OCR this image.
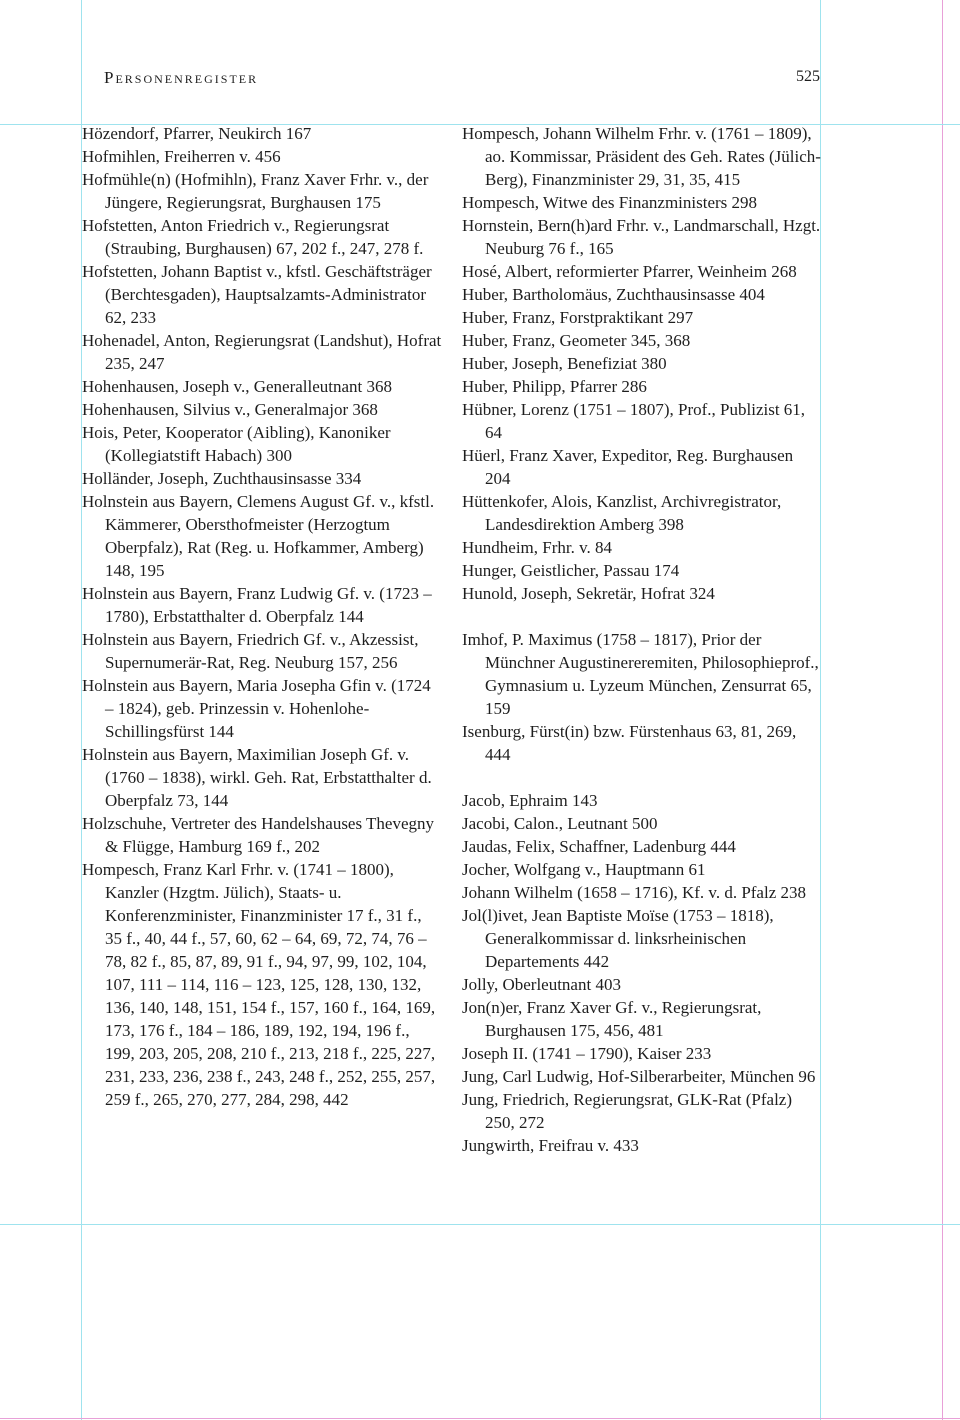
Personenregister	525

Hözendorf, Pfarrer, Neukirch 167

Hofmihlen, Freiherren v. 456

Hofmühle(n) (Hofmihln), Franz Xaver Frhr. v., der Jüngere, Regierungsrat, Burghausen 175

Hofstetten, Anton Friedrich v., Regierungsrat (Straubing, Burghausen) 67, 202 f., 247, 278 f.

Hofstetten, Johann Baptist v., kfstl. Geschäftsträger (Berchtesgaden), Hauptsalzamts-Administrator 62, 233

Hohenadel, Anton, Regierungsrat (Landshut), Hofrat 235, 247

Hohenhausen, Joseph v., Generalleutnant 368

Hohenhausen, Silvius v., Generalmajor 368

Hois, Peter, Kooperator (Aibling), Kanoniker (Kollegiatstift Habach) 300

Holländer, Joseph, Zuchthausinsasse 334

Holnstein aus Bayern, Clemens August Gf. v., kfstl. Kämmerer, Obersthofmeister (Herzogtum Oberpfalz), Rat (Reg. u. Hofkammer, Amberg) 148, 195

Holnstein aus Bayern, Franz Ludwig Gf. v. (1723 – 1780), Erbstatthalter d. Oberpfalz 144

Holnstein aus Bayern, Friedrich Gf. v., Akzessist, Supernumerär-Rat, Reg. Neuburg 157, 256

Holnstein aus Bayern, Maria Josepha Gfin v. (1724 – 1824), geb. Prinzessin v. Hohenlohe-Schillingsfürst 144

Holnstein aus Bayern, Maximilian Joseph Gf. v. (1760 – 1838), wirkl. Geh. Rat, Erbstatthalter d. Oberpfalz 73, 144

Holzschuhe, Vertreter des Handelshauses Thevegny & Flügge, Hamburg 169 f., 202

Hompesch, Franz Karl Frhr. v. (1741 – 1800), Kanzler (Hzgtm. Jülich), Staats- u. Konferenzminister, Finanzminister 17 f., 31 f., 35 f., 40, 44 f., 57, 60, 62 – 64, 69, 72, 74, 76 – 78, 82 f., 85, 87, 89, 91 f., 94, 97, 99, 102, 104, 107, 111 – 114, 116 – 123, 125, 128, 130, 132, 136, 140, 148, 151, 154 f., 157, 160 f., 164, 169, 173, 176 f., 184 – 186, 189, 192, 194, 196 f., 199, 203, 205, 208, 210 f., 213, 218 f., 225, 227, 231, 233, 236, 238 f., 243, 248 f., 252, 255, 257, 259 f., 265, 270, 277, 284, 298, 442

Hompesch, Johann Wilhelm Frhr. v. (1761 – 1809), ao. Kommissar, Präsident des Geh. Rates (Jülich-Berg), Finanzminister 29, 31, 35, 415

Hompesch, Witwe des Finanzministers 298

Hornstein, Bern(h)ard Frhr. v., Landmarschall, Hzgt. Neuburg 76 f., 165

Hosé, Albert, reformierter Pfarrer, Weinheim 268

Huber, Bartholomäus, Zuchthausinsasse 404

Huber, Franz, Forstpraktikant 297

Huber, Franz, Geometer 345, 368

Huber, Joseph, Benefiziat 380

Huber, Philipp, Pfarrer 286

Hübner, Lorenz (1751 – 1807), Prof., Publizist 61, 64

Hüerl, Franz Xaver, Expeditor, Reg. Burghausen 204

Hüttenkofer, Alois, Kanzlist, Archivregistrator, Landesdirektion Amberg 398

Hundheim, Frhr. v. 84

Hunger, Geistlicher, Passau 174

Hunold, Joseph, Sekretär, Hofrat 324

Imhof, P. Maximus (1758 – 1817), Prior der Münchner Augustinereremiten, Philosophieprof., Gymnasium u. Lyzeum München, Zensurrat 65, 159

Isenburg, Fürst(in) bzw. Fürstenhaus 63, 81, 269, 444

Jacob, Ephraim 143

Jacobi, Calon., Leutnant 500

Jaudas, Felix, Schaffner, Ladenburg 444

Jocher, Wolfgang v., Hauptmann 61

Johann Wilhelm (1658 – 1716), Kf. v. d. Pfalz 238

Jol(l)ivet, Jean Baptiste Moïse (1753 – 1818), Generalkommissar d. linksrheinischen Departements 442

Jolly, Oberleutnant 403

Jon(n)er, Franz Xaver Gf. v., Regierungsrat, Burghausen 175, 456, 481

Joseph II. (1741 – 1790), Kaiser 233

Jung, Carl Ludwig, Hof-Silberarbeiter, München 96

Jung, Friedrich, Regierungsrat, GLK-Rat (Pfalz) 250, 272

Jungwirth, Freifrau v. 433
